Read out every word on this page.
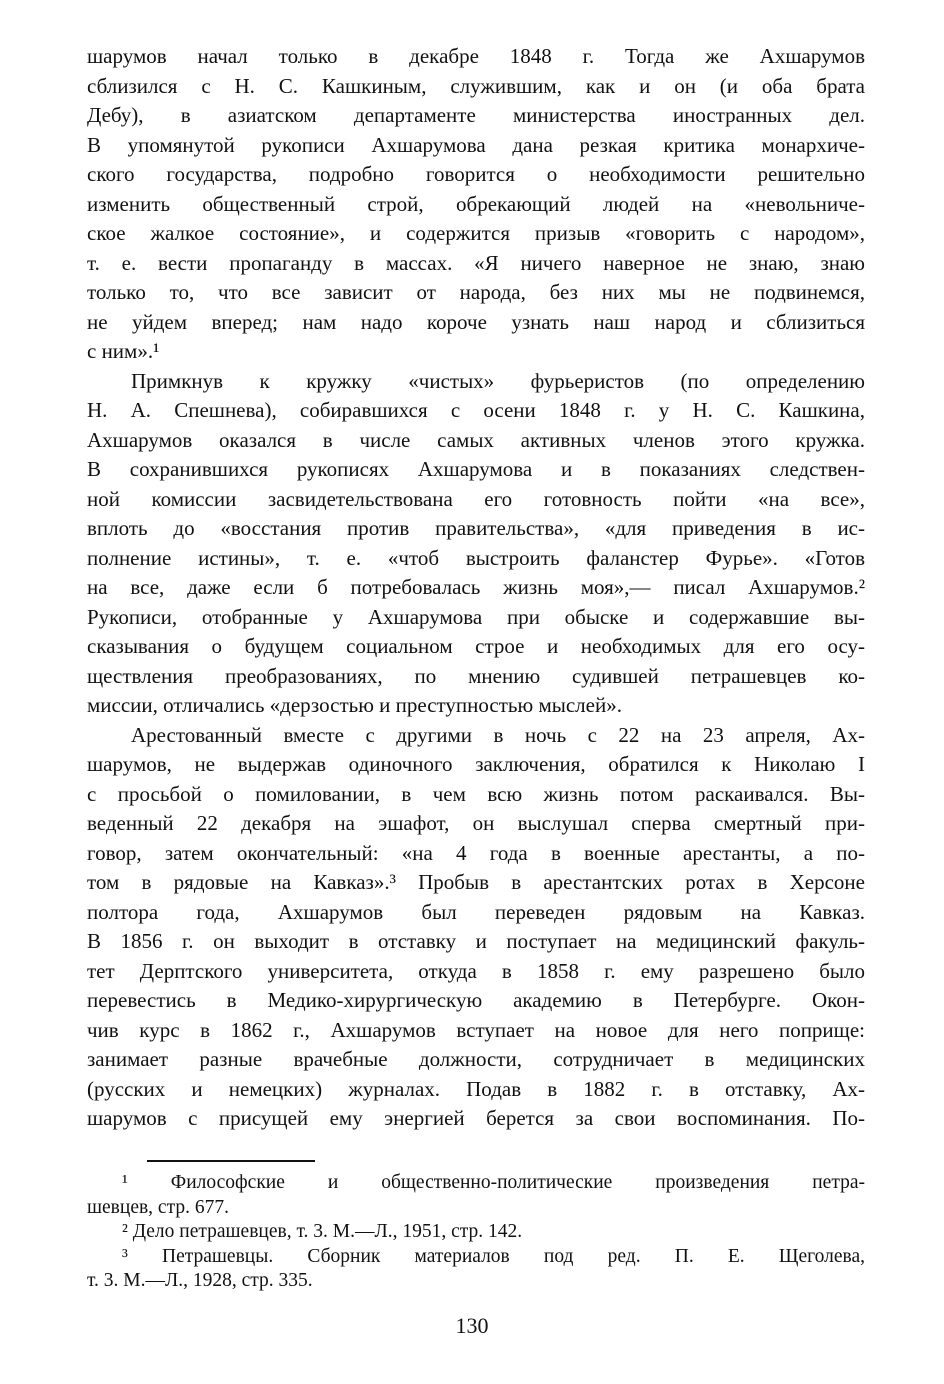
шарумов начал только в декабре 1848 г. Тогда же Ахшарумов

сблизился с Н. С. Кашкиным, служившим, как и он (и оба брата

Дебу), в азиатском департаменте министерства иностранных дел.

В упомянутой рукописи Ахшарумова дана резкая критика монархиче-

ского государства, подробно говорится о необходимости решительно

изменить общественный строй, обрекающий людей на «невольниче-

ское жалкое состояние», и содержится призыв «говорить с народом»,

т. е. вести пропаганду в массах. «Я ничего наверное не знаю, знаю

только то, что все зависит от народа, без них мы не подвинемся,

не уйдем вперед; нам надо короче узнать наш народ и сблизиться

с ним».¹

Примкнув к кружку «чистых» фурьеристов (по определению

Н. А. Спешнева), собиравшихся с осени 1848 г. у Н. С. Кашкина,

Ахшарумов оказался в числе самых активных членов этого кружка.

В сохранившихся рукописях Ахшарумова и в показаниях следствен-

ной комиссии засвидетельствована его готовность пойти «на все»,

вплоть до «восстания против правительства», «для приведения в ис-

полнение истины», т. е. «чтоб выстроить фаланстер Фурье». «Готов

на все, даже если б потребовалась жизнь моя»,— писал Ахшарумов.²

Рукописи, отобранные у Ахшарумова при обыске и содержавшие вы-

сказывания о будущем социальном строе и необходимых для его осу-

ществления преобразованиях, по мнению судившей петрашевцев ко-

миссии, отличались «дерзостью и преступностью мыслей».

Арестованный вместе с другими в ночь с 22 на 23 апреля, Ах-

шарумов, не выдержав одиночного заключения, обратился к Николаю I

с просьбой о помиловании, в чем всю жизнь потом раскаивался. Вы-

веденный 22 декабря на эшафот, он выслушал сперва смертный при-

говор, затем окончательный: «на 4 года в военные арестанты, а по-

том в рядовые на Кавказ».³ Пробыв в арестантских ротах в Херсоне

полтора года, Ахшарумов был переведен рядовым на Кавказ.

В 1856 г. он выходит в отставку и поступает на медицинский факуль-

тет Дерптского университета, откуда в 1858 г. ему разрешено было

перевестись в Медико-хирургическую академию в Петербурге. Окон-

чив курс в 1862 г., Ахшарумов вступает на новое для него поприще:

занимает разные врачебные должности, сотрудничает в медицинских

(русских и немецких) журналах. Подав в 1882 г. в отставку, Ах-

шарумов с присущей ему энергией берется за свои воспоминания. По-

¹ Философские и общественно-политические произведения петра-

шевцев, стр. 677.

² Дело петрашевцев, т. 3. М.—Л., 1951, стр. 142.

³ Петрашевцы. Сборник материалов под ред. П. Е. Щеголева,

т. 3. М.—Л., 1928, стр. 335.

130
